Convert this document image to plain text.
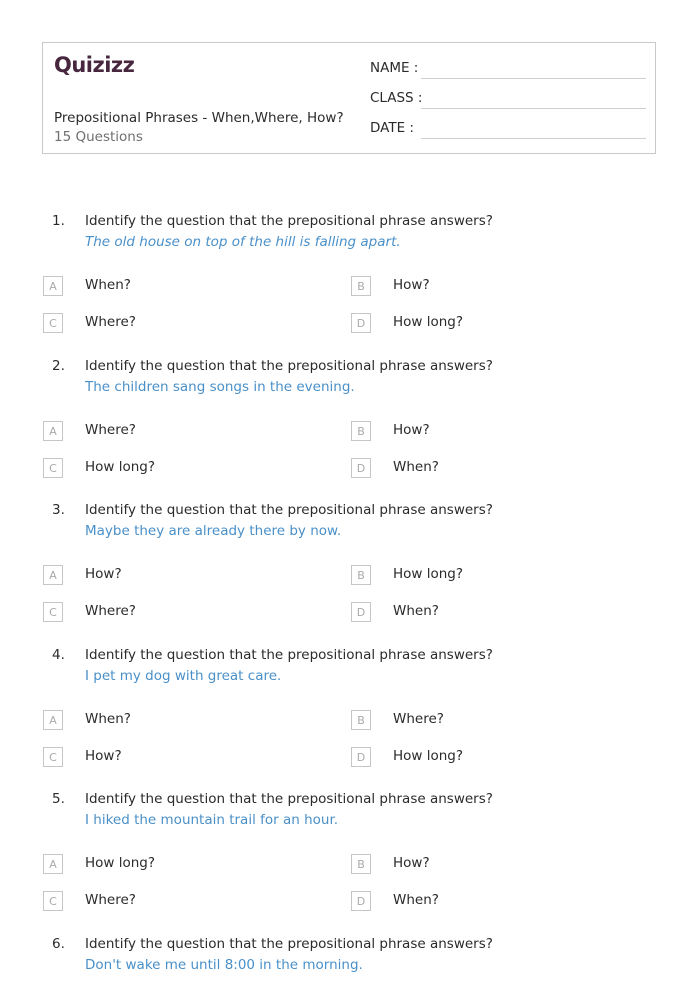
Quizizz
Prepositional Phrases - When,Where, How?
15 Questions
NAME :
CLASS :
DATE :
1. Identify the question that the prepositional phrase answers?
The old house on top of the hill is falling apart.
A	When?	B	How?
C	Where?	D	How long?
2. Identify the question that the prepositional phrase answers?
The children sang songs in the evening.
A	Where?	B	How?
C	How long?	D	When?
3. Identify the question that the prepositional phrase answers?
Maybe they are already there by now.
A	How?	B	How long?
C	Where?	D	When?
4. Identify the question that the prepositional phrase answers?
I pet my dog with great care.
A	When?	B	Where?
C	How?	D	How long?
5. Identify the question that the prepositional phrase answers?
I hiked the mountain trail for an hour.
A	How long?	B	How?
C	Where?	D	When?
6. Identify the question that the prepositional phrase answers?
Don't wake me until 8:00 in the morning.
